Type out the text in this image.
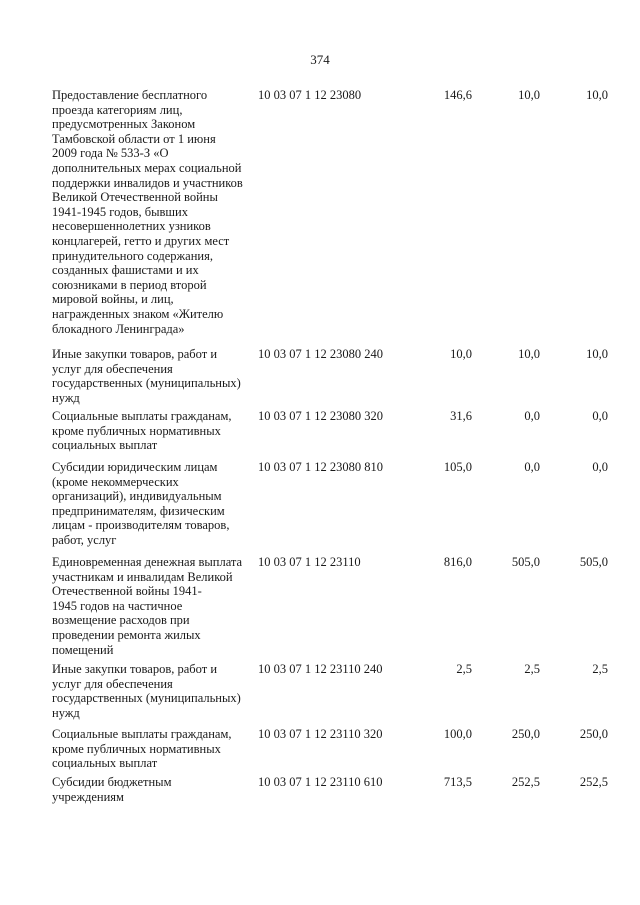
374
Предоставление бесплатного
проезда категориям лиц,
предусмотренных Законом
Тамбовской области от 1 июня
2009 года № 533-З «О
дополнительных мерах социальной
поддержки инвалидов и участников
Великой Отечественной войны
1941-1945 годов, бывших
несовершеннолетних узников
концлагерей, гетто и других мест
принудительного содержания,
созданных фашистами и их
союзниками в период второй
мировой войны, и лиц,
награжденных знаком «Жителю
блокадного Ленинграда»
10 03 07 1 12 23080	146,6	10,0	10,0
Иные закупки товаров, работ и
услуг для обеспечения
государственных (муниципальных)
нужд
10 03 07 1 12 23080 240	10,0	10,0	10,0
Социальные выплаты гражданам,
кроме публичных нормативных
социальных выплат
10 03 07 1 12 23080 320	31,6	0,0	0,0
Субсидии юридическим лицам
(кроме некоммерческих
организаций), индивидуальным
предпринимателям, физическим
лицам - производителям товаров,
работ, услуг
10 03 07 1 12 23080 810	105,0	0,0	0,0
Единовременная денежная выплата
участникам и инвалидам Великой
Отечественной войны 1941-
1945 годов на частичное
возмещение расходов при
проведении ремонта жилых
помещений
10 03 07 1 12 23110	816,0	505,0	505,0
Иные закупки товаров, работ и
услуг для обеспечения
государственных (муниципальных)
нужд
10 03 07 1 12 23110 240	2,5	2,5	2,5
Социальные выплаты гражданам,
кроме публичных нормативных
социальных выплат
10 03 07 1 12 23110 320	100,0	250,0	250,0
Субсидии бюджетным
учреждениям
10 03 07 1 12 23110 610	713,5	252,5	252,5
